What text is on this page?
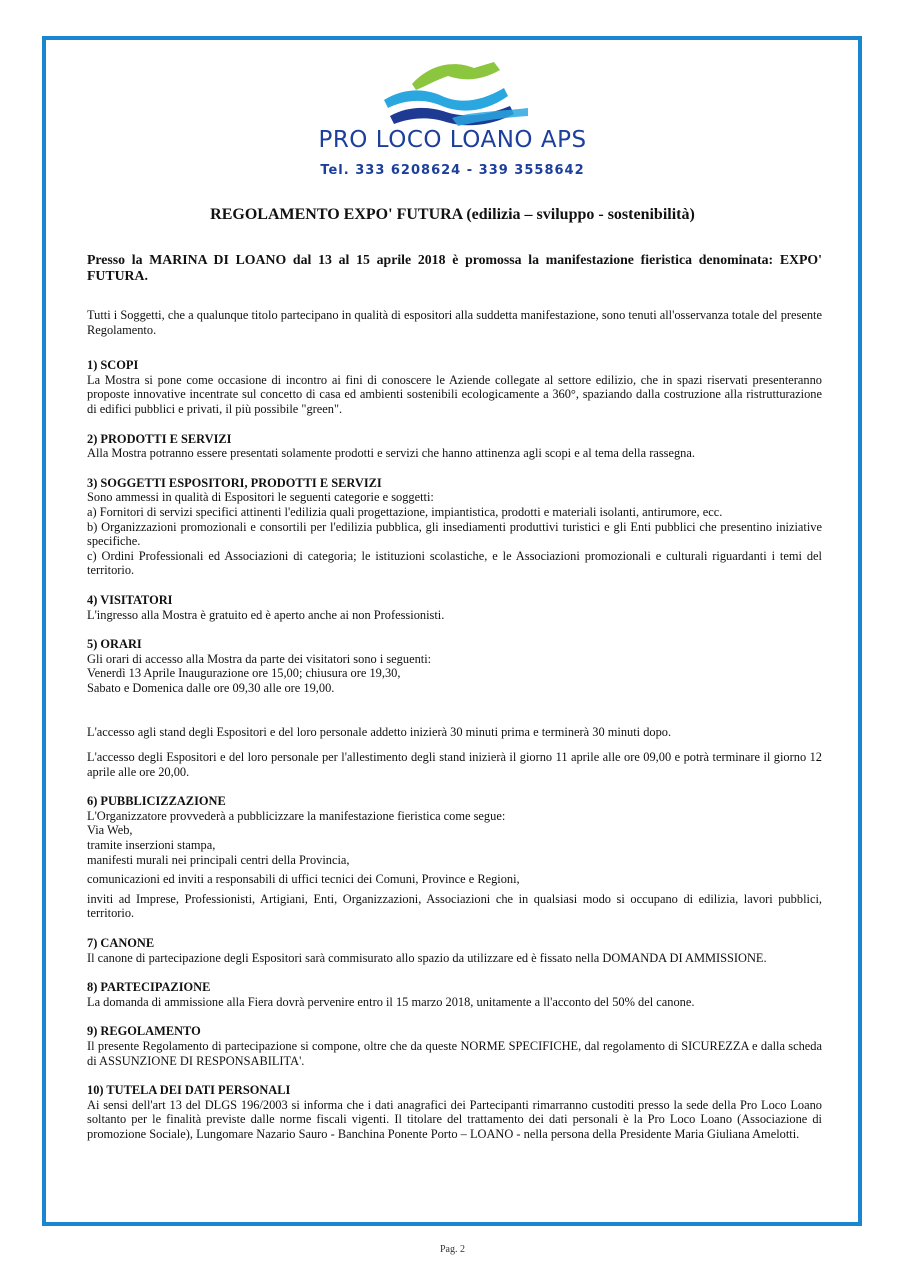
PRO LOCO LOANO APS
Tel. 333 6208624 - 339 3558642
REGOLAMENTO EXPO' FUTURA (edilizia – sviluppo - sostenibilità)

Presso la MARINA DI LOANO dal 13 al 15 aprile 2018 è promossa la manifestazione fieristica denominata: EXPO' FUTURA.

Tutti i Soggetti, che a qualunque titolo partecipano in qualità di espositori alla suddetta manifestazione, sono tenuti all'osservanza totale del presente Regolamento.

1) SCOPI

La Mostra si pone come occasione di incontro ai fini di conoscere le Aziende collegate al settore edilizio, che in spazi riservati presenteranno proposte innovative incentrate sul concetto di casa ed ambienti sostenibili ecologicamente a 360°, spaziando dalla costruzione alla ristrutturazione di edifici pubblici e privati, il più possibile "green".

2) PRODOTTI E SERVIZI

Alla Mostra potranno essere presentati solamente prodotti e servizi che hanno attinenza agli scopi e al tema della rassegna.

3) SOGGETTI ESPOSITORI, PRODOTTI E SERVIZI

Sono ammessi in qualità di Espositori le seguenti categorie e soggetti:

a) Fornitori di servizi specifici attinenti l'edilizia quali progettazione, impiantistica, prodotti e materiali isolanti, antirumore, ecc.

b) Organizzazioni promozionali e consortili per l'edilizia pubblica, gli insediamenti produttivi turistici e gli Enti pubblici che presentino iniziative specifiche.

c) Ordini Professionali ed Associazioni di categoria; le istituzioni scolastiche, e le Associazioni promozionali e culturali riguardanti i temi del territorio.

4) VISITATORI

L'ingresso alla Mostra è gratuito ed è aperto anche ai non Professionisti.

5) ORARI

Gli orari di accesso alla Mostra da parte dei visitatori sono i seguenti:

Venerdì 13 Aprile Inaugurazione ore 15,00; chiusura ore 19,30,

Sabato e Domenica dalle ore 09,30 alle ore 19,00.

L'accesso agli stand degli Espositori e del loro personale addetto inizierà 30 minuti prima e terminerà 30 minuti dopo.

L'accesso degli Espositori e del loro personale per l'allestimento degli stand inizierà il giorno 11 aprile alle ore 09,00 e potrà terminare il giorno 12 aprile alle ore 20,00.

6) PUBBLICIZZAZIONE

L'Organizzatore provvederà a pubblicizzare la manifestazione fieristica come segue:

Via Web,

tramite inserzioni stampa,

manifesti murali nei principali centri della Provincia,

comunicazioni ed inviti a responsabili di uffici tecnici dei Comuni, Province e Regioni,

inviti ad Imprese, Professionisti, Artigiani, Enti, Organizzazioni, Associazioni che in qualsiasi modo si occupano di edilizia, lavori pubblici, territorio.

7) CANONE

Il canone di partecipazione degli Espositori sarà commisurato allo spazio da utilizzare ed è fissato nella DOMANDA DI AMMISSIONE.

8) PARTECIPAZIONE

La domanda di ammissione alla Fiera dovrà pervenire entro il 15 marzo 2018, unitamente a ll'acconto del 50% del canone.

9) REGOLAMENTO

Il presente Regolamento di partecipazione si compone, oltre che da queste NORME SPECIFICHE, dal regolamento di SICUREZZA e dalla scheda di ASSUNZIONE DI RESPONSABILITA'.

10) TUTELA DEI DATI PERSONALI

Ai sensi dell'art 13 del DLGS 196/2003 si informa che i dati anagrafici dei Partecipanti rimarranno custoditi presso la sede della Pro Loco Loano soltanto per le finalità previste dalle norme fiscali vigenti. Il titolare del trattamento dei dati personali è la Pro Loco Loano (Associazione di promozione Sociale), Lungomare Nazario Sauro - Banchina Ponente Porto – LOANO - nella persona della Presidente Maria Giuliana Amelotti.

Pag. 2
